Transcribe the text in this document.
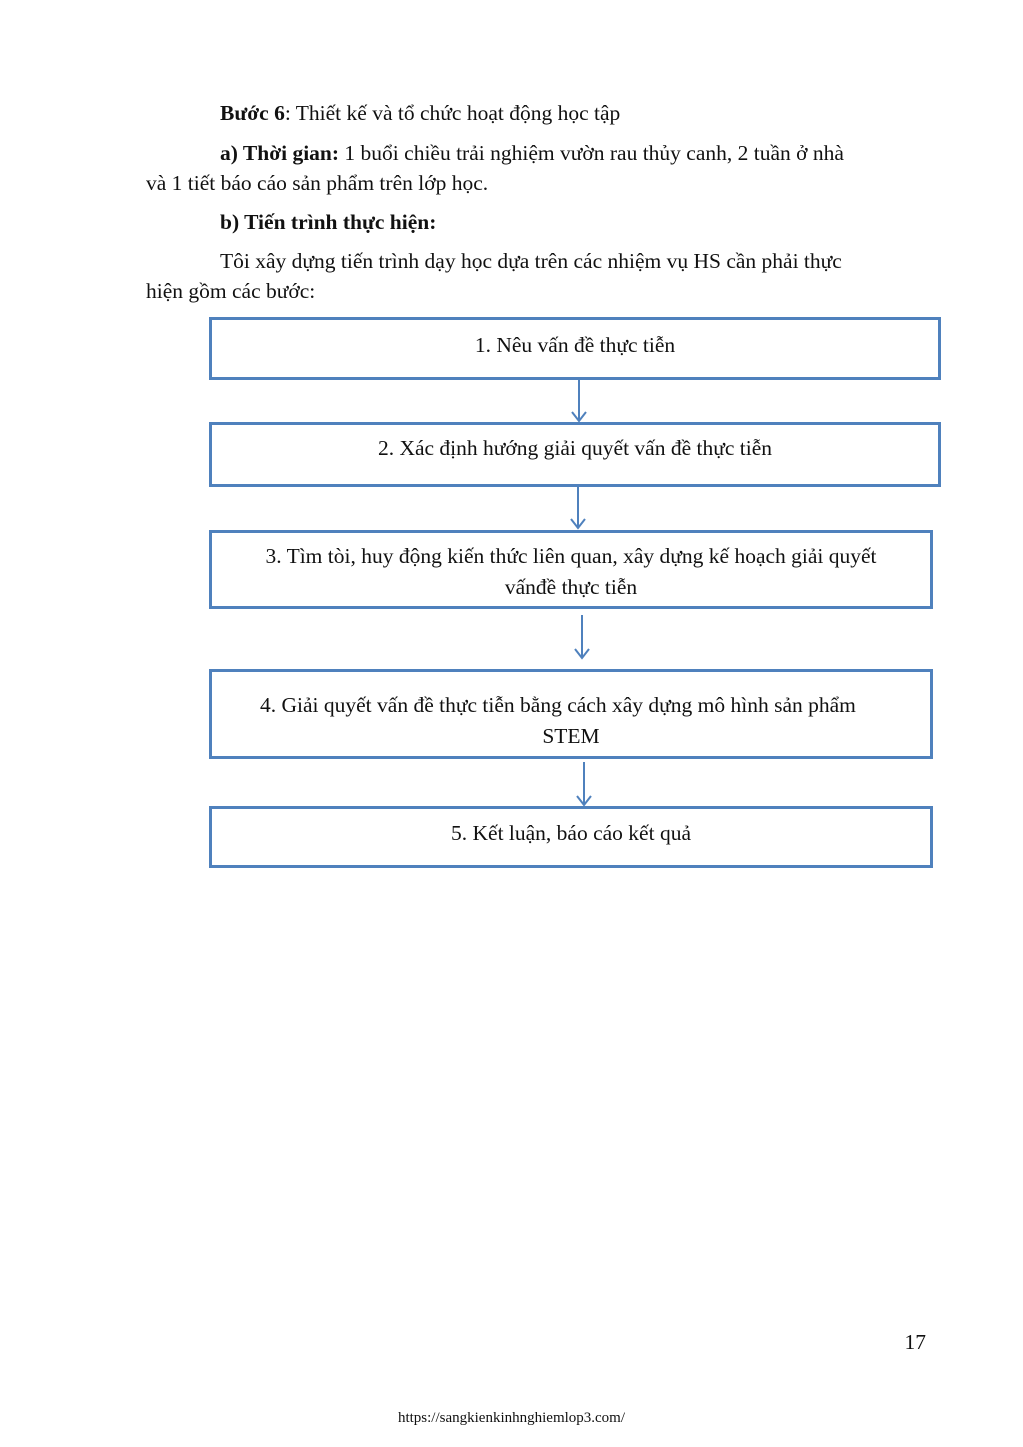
Bước 6: Thiết kế và tổ chức hoạt động học tập
a) Thời gian: 1 buổi chiều trải nghiệm vườn rau thủy canh, 2 tuần ở nhà
và 1 tiết báo cáo sản phẩm trên lớp học.
b) Tiến trình thực hiện:
Tôi xây dựng tiến trình dạy học dựa trên các nhiệm vụ HS cần phải thực
hiện gồm các bước:
1. Nêu vấn đề thực tiễn
2. Xác định hướng giải quyết vấn đề thực tiễn
3. Tìm tòi, huy động kiến thức liên quan, xây dựng kế hoạch giải quyết
vấnđề thực tiễn
4. Giải quyết vấn đề thực tiễn bằng cách xây dựng mô hình sản phẩm
STEM
5. Kết luận, báo cáo kết quả
17
https://sangkienkinhnghiemlop3.com/
